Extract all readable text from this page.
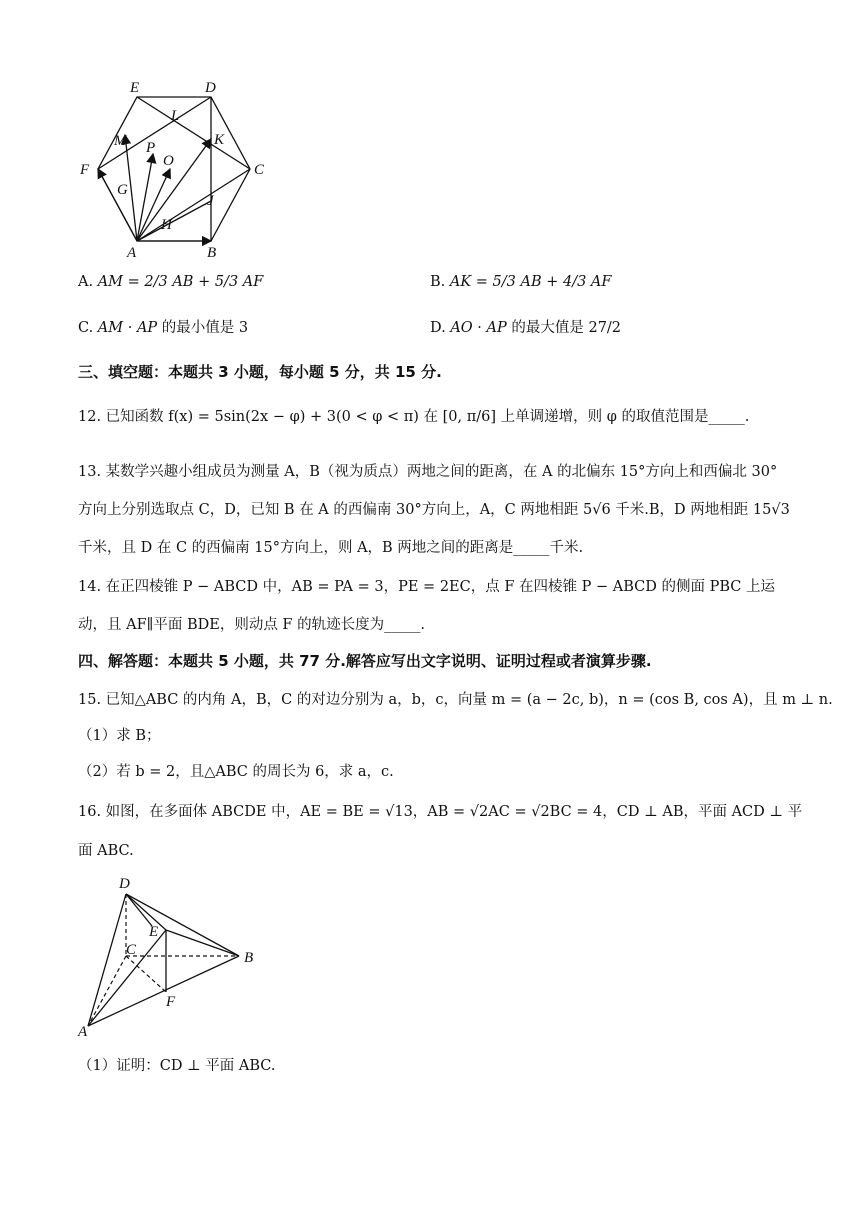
E	D
L
M	K
P
O
C
F
G
J
H
A	B
A. AM = 2/3 AB + 5/3 AF	B. AK = 5/3 AB + 4/3 AF
C. AM · AP 的最小值是 3	D. AO · AP 的最大值是 27/2
三、填空题：本题共 3 小题，每小题 5 分，共 15 分.
12. 已知函数 f(x) = 5sin(2x − φ) + 3(0 < φ < π) 在 [0, π/6] 上单调递增，则 φ 的取值范围是_____.
13. 某数学兴趣小组成员为测量 A，B（视为质点）两地之间的距离，在 A 的北偏东 15°方向上和西偏北 30°
方向上分别选取点 C，D，已知 B 在 A 的西偏南 30°方向上，A，C 两地相距 5√6 千米.B，D 两地相距 15√3
千米，且 D 在 C 的西偏南 15°方向上，则 A，B 两地之间的距离是_____千米.
14. 在正四棱锥 P − ABCD 中，AB = PA = 3，PE = 2EC，点 F 在四棱锥 P − ABCD 的侧面 PBC 上运
动，且 AF∥平面 BDE，则动点 F 的轨迹长度为_____.
四、解答题：本题共 5 小题，共 77 分.解答应写出文字说明、证明过程或者演算步骤.
15. 已知△ABC 的内角 A，B，C 的对边分别为 a，b，c，向量 m = (a − 2c, b)，n = (cos B, cos A)，且 m ⊥ n.
（1）求 B；
（2）若 b = 2，且△ABC 的周长为 6，求 a，c.
16. 如图，在多面体 ABCDE 中，AE = BE = √13，AB = √2AC = √2BC = 4，CD ⊥ AB，平面 ACD ⊥ 平
面 ABC.
D
E
C	B
F
A
（1）证明：CD ⊥ 平面 ABC.
